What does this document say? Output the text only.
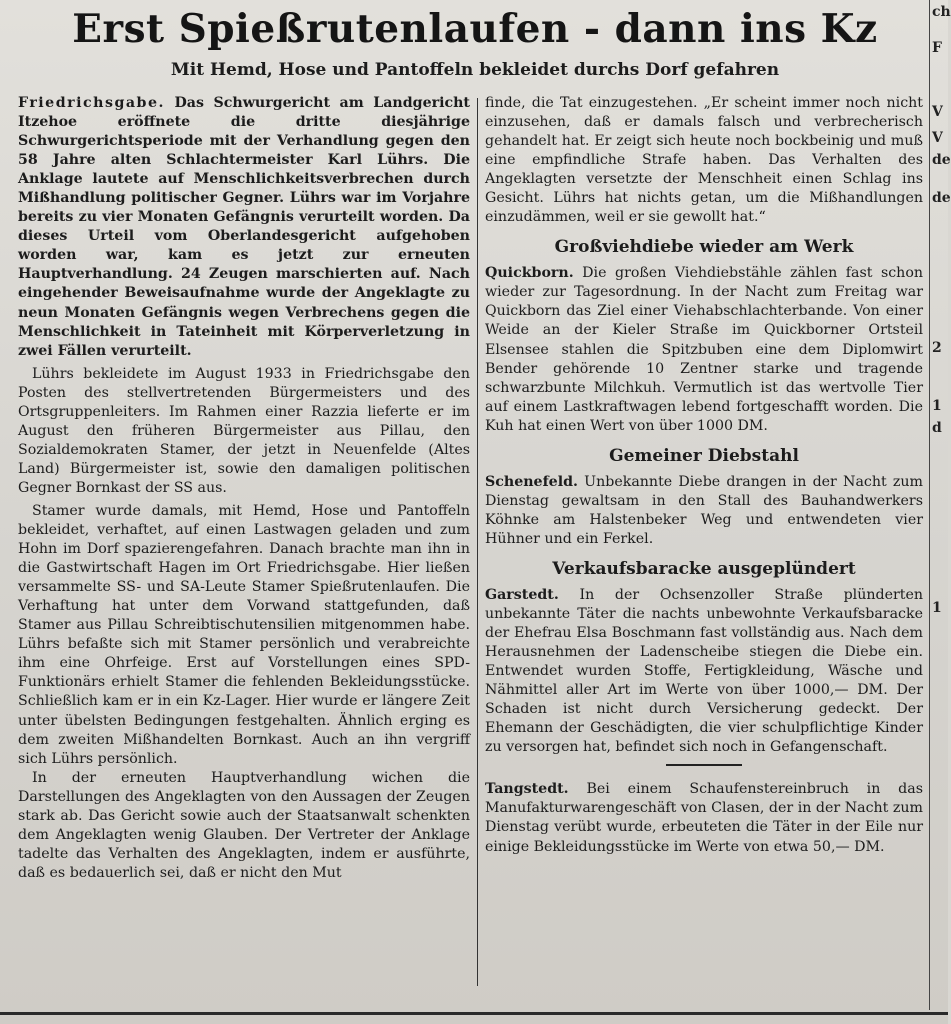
Erst Spießrutenlaufen - dann ins Kz
Mit Hemd, Hose und Pantoffeln bekleidet durchs Dorf gefahren

Friedrichsgabe. Das Schwurgericht am Landgericht Itzehoe eröffnete die dritte diesjährige Schwurgerichtsperiode mit der Verhandlung gegen den 58 Jahre alten Schlachtermeister Karl Lührs. Die Anklage lautete auf Menschlichkeitsverbrechen durch Mißhandlung politischer Gegner. Lührs war im Vorjahre bereits zu vier Monaten Gefängnis verurteilt worden. Da dieses Urteil vom Oberlandesgericht aufgehoben worden war, kam es jetzt zur erneuten Hauptverhandlung. 24 Zeugen marschierten auf. Nach eingehender Beweisaufnahme wurde der Angeklagte zu neun Monaten Gefängnis wegen Verbrechens gegen die Menschlichkeit in Tateinheit mit Körperverletzung in zwei Fällen verurteilt.

Lührs bekleidete im August 1933 in Friedrichsgabe den Posten des stellvertretenden Bürgermeisters und des Ortsgruppenleiters. Im Rahmen einer Razzia lieferte er im August den früheren Bürgermeister aus Pillau, den Sozialdemokraten Stamer, der jetzt in Neuenfelde (Altes Land) Bürgermeister ist, sowie den damaligen politischen Gegner Bornkast der SS aus.

Stamer wurde damals, mit Hemd, Hose und Pantoffeln bekleidet, verhaftet, auf einen Lastwagen geladen und zum Hohn im Dorf spazierengefahren. Danach brachte man ihn in die Gastwirtschaft Hagen im Ort Friedrichsgabe. Hier ließen versammelte SS- und SA-Leute Stamer Spießrutenlaufen. Die Verhaftung hat unter dem Vorwand stattgefunden, daß Stamer aus Pillau Schreibtischutensilien mitgenommen habe. Lührs befaßte sich mit Stamer persönlich und verabreichte ihm eine Ohrfeige. Erst auf Vorstellungen eines SPD-Funktionärs erhielt Stamer die fehlenden Bekleidungsstücke. Schließlich kam er in ein Kz-Lager. Hier wurde er längere Zeit unter übelsten Bedingungen festgehalten. Ähnlich erging es dem zweiten Mißhandelten Bornkast. Auch an ihn vergriff sich Lührs persönlich.

In der erneuten Hauptverhandlung wichen die Darstellungen des Angeklagten von den Aussagen der Zeugen stark ab. Das Gericht sowie auch der Staatsanwalt schenkten dem Angeklagten wenig Glauben. Der Vertreter der Anklage tadelte das Verhalten des Angeklagten, indem er ausführte, daß es bedauerlich sei, daß er nicht den Mut

finde, die Tat einzugestehen. „Er scheint immer noch nicht einzusehen, daß er damals falsch und verbrecherisch gehandelt hat. Er zeigt sich heute noch bockbeinig und muß eine empfindliche Strafe haben. Das Verhalten des Angeklagten versetzte der Menschheit einen Schlag ins Gesicht. Lührs hat nichts getan, um die Mißhandlungen einzudämmen, weil er sie gewollt hat.“

Großviehdiebe wieder am Werk

Quickborn. Die großen Viehdiebstähle zählen fast schon wieder zur Tagesordnung. In der Nacht zum Freitag war Quickborn das Ziel einer Viehabschlachterbande. Von einer Weide an der Kieler Straße im Quickborner Ortsteil Elsensee stahlen die Spitzbuben eine dem Diplomwirt Bender gehörende 10 Zentner starke und tragende schwarzbunte Milchkuh. Vermutlich ist das wertvolle Tier auf einem Lastkraftwagen lebend fortgeschafft worden. Die Kuh hat einen Wert von über 1000 DM.

Gemeiner Diebstahl

Schenefeld. Unbekannte Diebe drangen in der Nacht zum Dienstag gewaltsam in den Stall des Bauhandwerkers Köhnke am Halstenbeker Weg und entwendeten vier Hühner und ein Ferkel.

Verkaufsbaracke ausgeplündert

Garstedt. In der Ochsenzoller Straße plünderten unbekannte Täter die nachts unbewohnte Verkaufsbaracke der Ehefrau Elsa Boschmann fast vollständig aus. Nach dem Herausnehmen der Ladenscheibe stiegen die Diebe ein. Entwendet wurden Stoffe, Fertigkleidung, Wäsche und Nähmittel aller Art im Werte von über 1000,— DM. Der Schaden ist nicht durch Versicherung gedeckt. Der Ehemann der Geschädigten, die vier schulpflichtige Kinder zu versorgen hat, befindet sich noch in Gefangenschaft.

Tangstedt. Bei einem Schaufenstereinbruch in das Manufakturwarengeschäft von Clasen, der in der Nacht zum Dienstag verübt wurde, erbeuteten die Täter in der Eile nur einige Bekleidungsstücke im Werte von etwa 50,— DM.

ch
F
V
V
de
de
2
1
d
1
